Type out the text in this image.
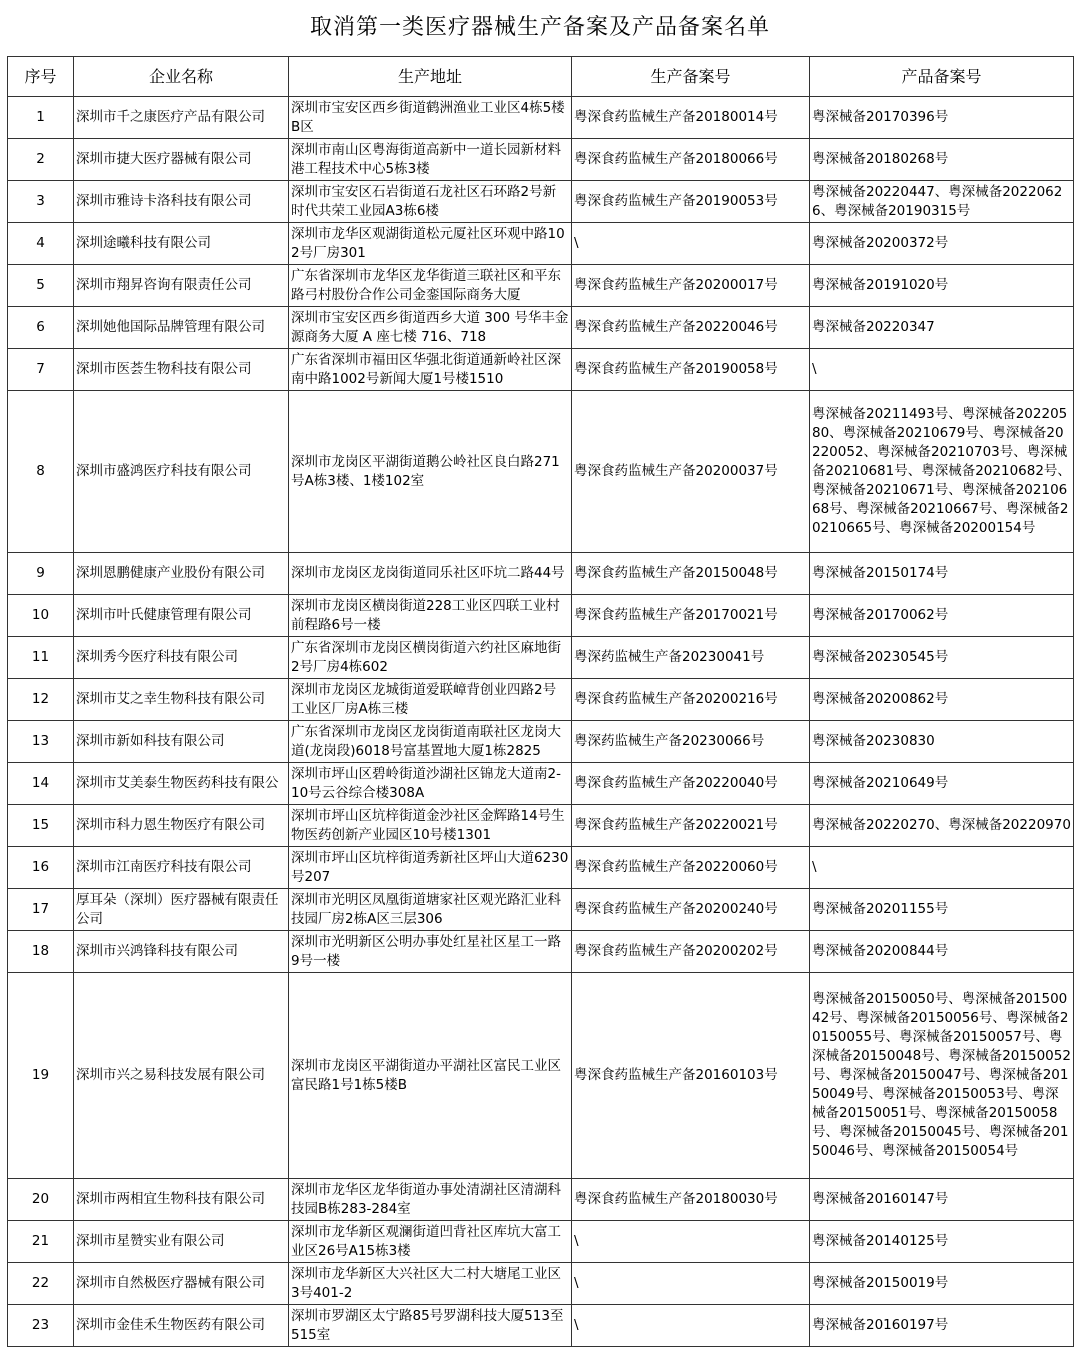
取消第一类医疗器械生产备案及产品备案名单
序号	企业名称	生产地址	生产备案号	产品备案号

1	深圳市千之康医疗产品有限公司	深圳市宝安区西乡街道鹤洲渔业工业区4栋5楼B区	粤深食药监械生产备20180014号	粤深械备20170396号

2	深圳市捷大医疗器械有限公司	深圳市南山区粤海街道高新中一道长园新材料港工程技术中心5栋3楼	粤深食药监械生产备20180066号	粤深械备20180268号

3	深圳市雅诗卡洛科技有限公司	深圳市宝安区石岩街道石龙社区石环路2号新时代共荣工业园A3栋6楼	粤深食药监械生产备20190053号	粤深械备20220447、粤深械备20220626、粤深械备20190315号

4	深圳途曦科技有限公司	深圳市龙华区观湖街道松元厦社区环观中路102号厂房301	\	粤深械备20200372号

5	深圳市翔昇咨询有限责任公司	广东省深圳市龙华区龙华街道三联社区和平东路弓村股份合作公司金銮国际商务大厦	粤深食药监械生产备20200017号	粤深械备20191020号

6	深圳她他国际品牌管理有限公司	深圳市宝安区西乡街道西乡大道 300 号华丰金源商务大厦 A 座七楼 716、718	粤深食药监械生产备20220046号	粤深械备20220347

7	深圳市医荟生物科技有限公司	广东省深圳市福田区华强北街道通新岭社区深南中路1002号新闻大厦1号楼1510	粤深食药监械生产备20190058号	\

8	深圳市盛鸿医疗科技有限公司	深圳市龙岗区平湖街道鹅公岭社区良白路271号A栋3楼、1楼102室	粤深食药监械生产备20200037号	粤深械备20211493号、粤深械备20220580、粤深械备20210679号、粤深械备20220052、粤深械备20210703号、粤深械备20210681号、粤深械备20210682号、粤深械备20210671号、粤深械备20210668号、粤深械备20210667号、粤深械备20210665号、粤深械备20200154号

9	深圳恩鹏健康产业股份有限公司	深圳市龙岗区龙岗街道同乐社区吓坑二路44号	粤深食药监械生产备20150048号	粤深械备20150174号

10	深圳市叶氏健康管理有限公司	深圳市龙岗区横岗街道228工业区四联工业村前程路6号一楼	粤深食药监械生产备20170021号	粤深械备20170062号

11	深圳秀今医疗科技有限公司	广东省深圳市龙岗区横岗街道六约社区麻地街2号厂房4栋602	粤深药监械生产备20230041号	粤深械备20230545号

12	深圳市艾之幸生物科技有限公司	深圳市龙岗区龙城街道爱联嶂背创业四路2号工业区厂房A栋三楼	粤深食药监械生产备20200216号	粤深械备20200862号

13	深圳市新如科技有限公司	广东省深圳市龙岗区龙岗街道南联社区龙岗大道(龙岗段)6018号富基置地大厦1栋2825	粤深药监械生产备20230066号	粤深械备20230830

14	深圳市艾美泰生物医药科技有限公	深圳市坪山区碧岭街道沙湖社区锦龙大道南2-10号云谷综合楼308A	粤深食药监械生产备20220040号	粤深械备20210649号

15	深圳市科力恩生物医疗有限公司	深圳市坪山区坑梓街道金沙社区金辉路14号生物医药创新产业园区10号楼1301	粤深食药监械生产备20220021号	粤深械备20220270、粤深械备20220970

16	深圳市江南医疗科技有限公司	深圳市坪山区坑梓街道秀新社区坪山大道6230号207	粤深食药监械生产备20220060号	\

17	厚耳朵（深圳）医疗器械有限责任公司	深圳市光明区凤凰街道塘家社区观光路汇业科技园厂房2栋A区三层306	粤深食药监械生产备20200240号	粤深械备20201155号

18	深圳市兴鸿锋科技有限公司	深圳市光明新区公明办事处红星社区星工一路9号一楼	粤深食药监械生产备20200202号	粤深械备20200844号

19	深圳市兴之易科技发展有限公司	深圳市龙岗区平湖街道办平湖社区富民工业区富民路1号1栋5楼B	粤深食药监械生产备20160103号	粤深械备20150050号、粤深械备20150042号、粤深械备20150056号、粤深械备20150055号、粤深械备20150057号、粤深械备20150048号、粤深械备20150052号、粤深械备20150047号、粤深械备20150049号、粤深械备20150053号、粤深械备20150051号、粤深械备20150058号、粤深械备20150045号、粤深械备20150046号、粤深械备20150054号

20	深圳市两相宜生物科技有限公司	深圳市龙华区龙华街道办事处清湖社区清湖科技园B栋283-284室	粤深食药监械生产备20180030号	粤深械备20160147号

21	深圳市星赞实业有限公司	深圳市龙华新区观澜街道凹背社区库坑大富工业区26号A15栋3楼	\	粤深械备20140125号

22	深圳市自然极医疗器械有限公司	深圳市龙华新区大兴社区大二村大塘尾工业区3号401-2	\	粤深械备20150019号

23	深圳市金佳禾生物医药有限公司	深圳市罗湖区太宁路85号罗湖科技大厦513至515室	\	粤深械备20160197号
